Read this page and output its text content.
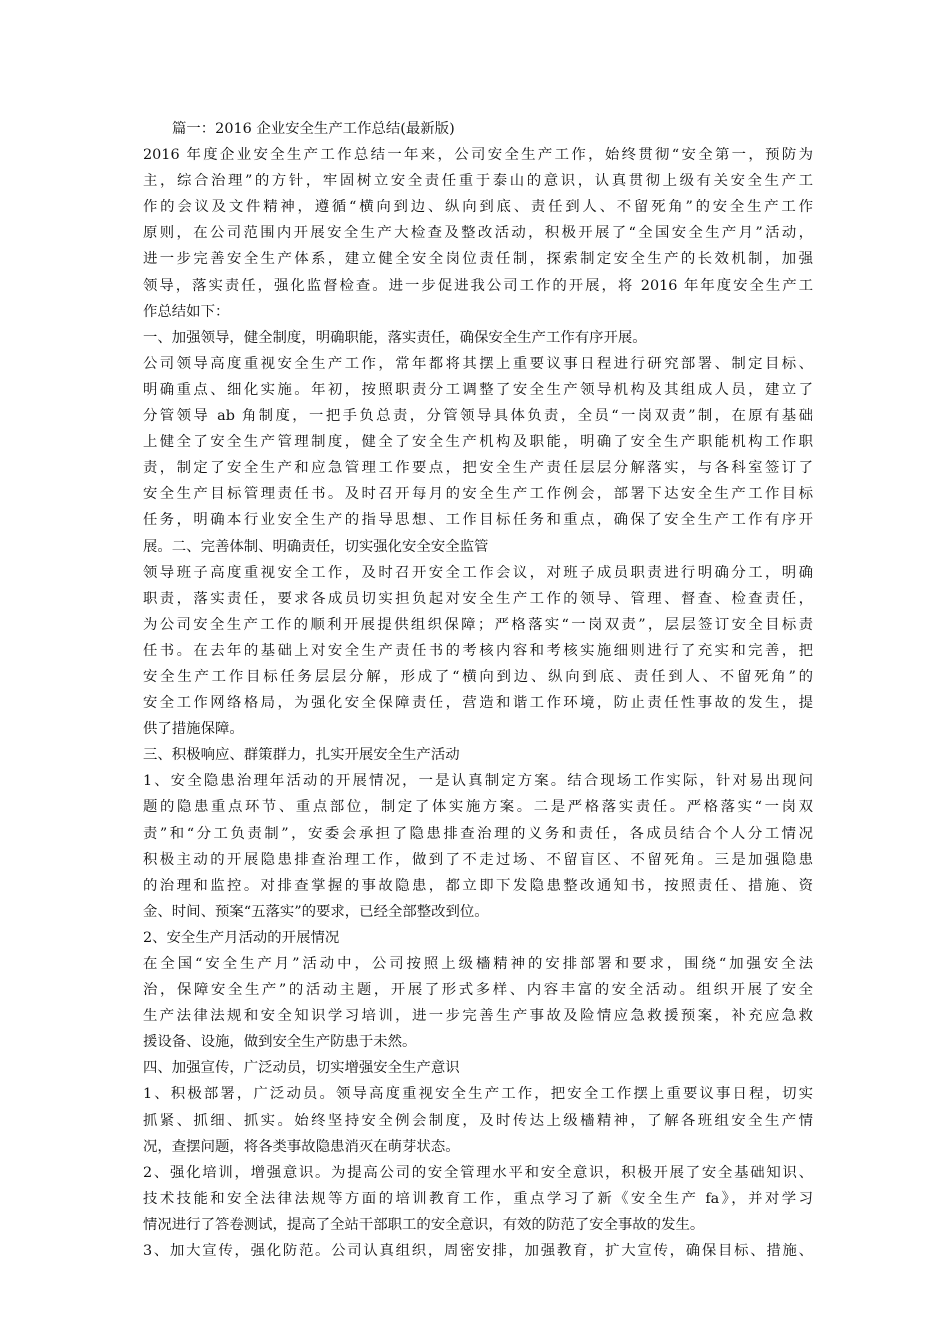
篇一：2016 企业安全生产工作总结(最新版)
2016 年度企业安全生产工作总结一年来，公司安全生产工作，始终贯彻“安全第一，预防为
主，综合治理”的方针，牢固树立安全责任重于泰山的意识，认真贯彻上级有关安全生产工
作的会议及文件精神，遵循“横向到边、纵向到底、责任到人、不留死角”的安全生产工作
原则，在公司范围内开展安全生产大检查及整改活动，积极开展了“全国安全生产月”活动，
进一步完善安全生产体系，建立健全安全岗位责任制，探索制定安全生产的长效机制，加强
领导，落实责任，强化监督检查。进一步促进我公司工作的开展，将 2016 年年度安全生产工
作总结如下：
一、加强领导，健全制度，明确职能，落实责任，确保安全生产工作有序开展。
公司领导高度重视安全生产工作，常年都将其摆上重要议事日程进行研究部署、制定目标、
明确重点、细化实施。年初，按照职责分工调整了安全生产领导机构及其组成人员，建立了
分管领导 ab 角制度，一把手负总责，分管领导具体负责，全员“一岗双责”制，在原有基础
上健全了安全生产管理制度，健全了安全生产机构及职能，明确了安全生产职能机构工作职
责，制定了安全生产和应急管理工作要点，把安全生产责任层层分解落实，与各科室签订了
安全生产目标管理责任书。及时召开每月的安全生产工作例会，部署下达安全生产工作目标
任务，明确本行业安全生产的指导思想、工作目标任务和重点，确保了安全生产工作有序开
展。二、完善体制、明确责任，切实强化安全安全监管
领导班子高度重视安全工作，及时召开安全工作会议，对班子成员职责进行明确分工，明确
职责，落实责任，要求各成员切实担负起对安全生产工作的领导、管理、督查、检查责任，
为公司安全生产工作的顺利开展提供组织保障；严格落实“一岗双责”，层层签订安全目标责
任书。在去年的基础上对安全生产责任书的考核内容和考核实施细则进行了充实和完善，把
安全生产工作目标任务层层分解，形成了“横向到边、纵向到底、责任到人、不留死角”的
安全工作网络格局，为强化安全保障责任，营造和谐工作环境，防止责任性事故的发生，提
供了措施保障。
三、积极响应、群策群力，扎实开展安全生产活动
1、安全隐患治理年活动的开展情况，一是认真制定方案。结合现场工作实际，针对易出现问
题的隐患重点环节、重点部位，制定了体实施方案。二是严格落实责任。严格落实“一岗双
责”和“分工负责制”，安委会承担了隐患排查治理的义务和责任，各成员结合个人分工情况
积极主动的开展隐患排查治理工作，做到了不走过场、不留盲区、不留死角。三是加强隐患
的治理和监控。对排查掌握的事故隐患，都立即下发隐患整改通知书，按照责任、措施、资
金、时间、预案“五落实”的要求，已经全部整改到位。
2、安全生产月活动的开展情况
在全国“安全生产月”活动中，公司按照上级檣精神的安排部署和要求，围绕“加强安全法
治，保障安全生产”的活动主题，开展了形式多样、内容丰富的安全活动。组织开展了安全
生产法律法规和安全知识学习培训，进一步完善生产事故及险情应急救援预案，补充应急救
援设备、设施，做到安全生产防患于未然。
四、加强宣传，广泛动员，切实增强安全生产意识
1、积极部署，广泛动员。领导高度重视安全生产工作，把安全工作摆上重要议事日程，切实
抓紧、抓细、抓实。始终坚持安全例会制度，及时传达上级檣精神，了解各班组安全生产情
况，查摆问题，将各类事故隐患消灭在萌芽状态。
2、强化培训，增强意识。为提高公司的安全管理水平和安全意识，积极开展了安全基础知识、
技术技能和安全法律法规等方面的培训教育工作，重点学习了新《安全生产 fa》，并对学习
情况进行了答卷测试，提高了全站干部职工的安全意识，有效的防范了安全事故的发生。
3、加大宣传，强化防范。公司认真组织，周密安排，加强教育，扩大宣传，确保目标、措施、
